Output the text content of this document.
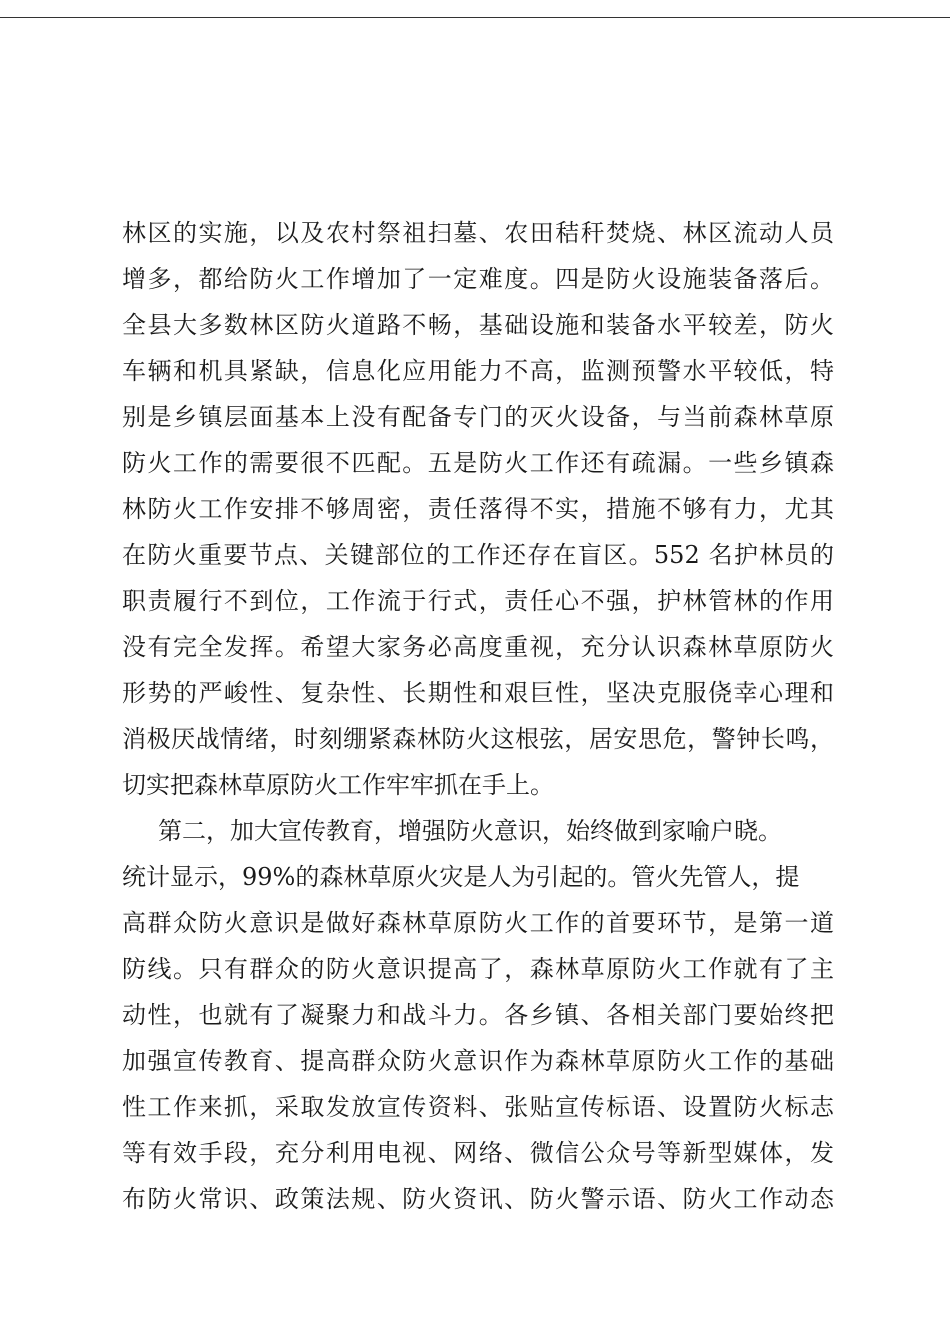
林区的实施，以及农村祭祖扫墓、农田秸秆焚烧、林区流动人员
增多，都给防火工作增加了一定难度。四是防火设施装备落后。
全县大多数林区防火道路不畅，基础设施和装备水平较差，防火
车辆和机具紧缺，信息化应用能力不高，监测预警水平较低，特
别是乡镇层面基本上没有配备专门的灭火设备，与当前森林草原
防火工作的需要很不匹配。五是防火工作还有疏漏。一些乡镇森
林防火工作安排不够周密，责任落得不实，措施不够有力，尤其
在防火重要节点、关键部位的工作还存在盲区。552 名护林员的
职责履行不到位，工作流于行式，责任心不强，护林管林的作用
没有完全发挥。希望大家务必高度重视，充分认识森林草原防火
形势的严峻性、复杂性、长期性和艰巨性，坚决克服侥幸心理和
消极厌战情绪，时刻绷紧森林防火这根弦，居安思危，警钟长鸣，
切实把森林草原防火工作牢牢抓在手上。
第二，加大宣传教育，增强防火意识，始终做到家喻户晓。
统计显示，99%的森林草原火灾是人为引起的。管火先管人，提
高群众防火意识是做好森林草原防火工作的首要环节，是第一道
防线。只有群众的防火意识提高了，森林草原防火工作就有了主
动性，也就有了凝聚力和战斗力。各乡镇、各相关部门要始终把
加强宣传教育、提高群众防火意识作为森林草原防火工作的基础
性工作来抓，采取发放宣传资料、张贴宣传标语、设置防火标志
等有效手段，充分利用电视、网络、微信公众号等新型媒体，发
布防火常识、政策法规、防火资讯、防火警示语、防火工作动态
